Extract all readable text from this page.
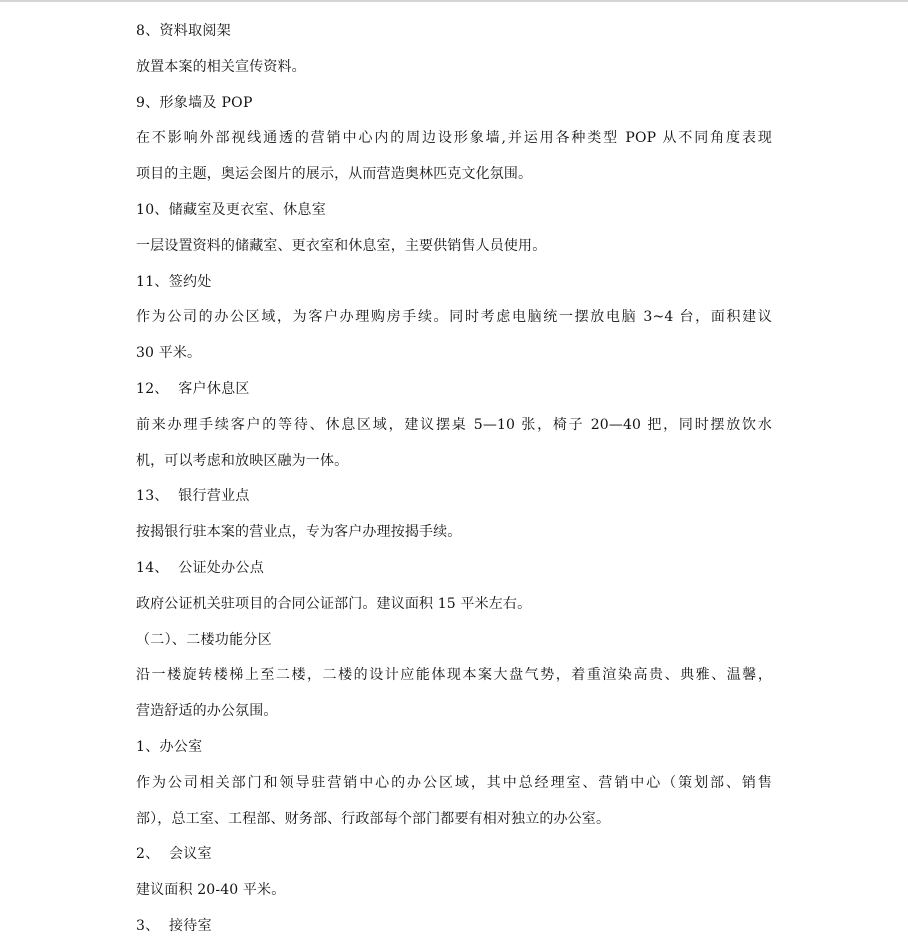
8、资料取阅架
放置本案的相关宣传资料。
9、形象墙及 POP
在不影响外部视线通透的营销中心内的周边设形象墙,并运用各种类型 POP 从不同角度表现
项目的主题，奥运会图片的展示，从而营造奥林匹克文化氛围。
10、储藏室及更衣室、休息室
一层设置资料的储藏室、更衣室和休息室，主要供销售人员使用。
11、签约处
作为公司的办公区域，为客户办理购房手续。同时考虑电脑统一摆放电脑 3~4 台，面积建议
30 平米。
12、  客户休息区
前来办理手续客户的等待、休息区域，建议摆桌 5—10 张，椅子 20—40 把，同时摆放饮水
机，可以考虑和放映区融为一体。
13、  银行营业点
按揭银行驻本案的营业点，专为客户办理按揭手续。
14、  公证处办公点
政府公证机关驻项目的合同公证部门。建议面积 15 平米左右。
（二）、二楼功能分区
沿一楼旋转楼梯上至二楼，二楼的设计应能体现本案大盘气势，着重渲染高贵、典雅、温馨，
营造舒适的办公氛围。
1、办公室
作为公司相关部门和领导驻营销中心的办公区域，其中总经理室、营销中心（策划部、销售
部），总工室、工程部、财务部、行政部每个部门都要有相对独立的办公室。
2、  会议室
建议面积 20-40 平米。
3、  接待室
